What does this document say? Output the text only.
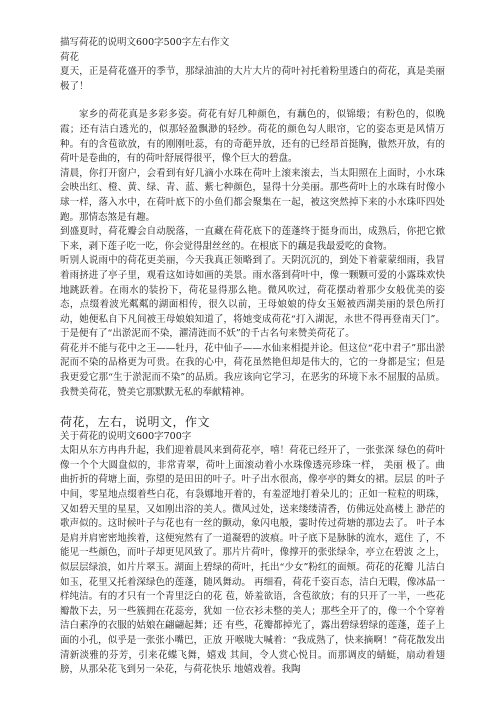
描写荷花的说明文600字500字左右作文

荷花

夏天，正是荷花盛开的季节，那绿油油的大片大片的荷叶衬托着粉里透白的荷花，真是美丽极了！

家乡的荷花真是多彩多姿。荷花有好几种颜色，有藕色的，似锦缎；有粉色的，似晚霞；还有洁白透光的，似那轻盈飘渺的轻纱。荷花的颜色勾人眼帘，它的姿态更是风情万种。有的含苞欲放，有的刚刚吐蕊，有的奇葩异放，还有的已经昂首挺胸，傲然开放，有的荷叶是卷曲的，有的荷叶舒展得很平，像个巨大的碧盘。

清晨，你打开窗户，会看到有好几滴小水珠在荷叶上滚来滚去，当太阳照在上面时，小水珠会映出红、橙、黄、绿、青、蓝、紫七种颜色，显得十分美丽。那些荷叶上的水珠有时像小球一样，落入水中，在荷叶底下的小鱼们都会聚集在一起，被这突然掉下来的小水珠吓四处跑。那情态煞是有趣。

到盛夏时，荷花瓣会自动脱落，一直藏在荷花底下的莲蓬终于挺身而出，成熟后，你把它掀下来，剥下莲子吃一吃，你会觉得甜丝丝的。在根底下的藕是我最爱吃的食物。

听别人说雨中的荷花更美丽，今天我真正领略到了。天阴沉沉的，到处下着蒙蒙细雨，我冒着雨挤进了亭子里，观看这如诗如画的美景。雨水落到荷叶中，像一颗颗可爱的小露珠欢快地跳跃着。在雨水的装扮下，荷花显得那么艳。微风吹过，荷花摆动着那少女般优美的姿态，点缀着波光粼粼的湖面相传，很久以前，王母娘娘的侍女玉姬被西湖美丽的景色所打动，她便私自下凡间被王母娘娘知道了，将她变成荷花“打入湖泥，永世不得再登南天门”。于是便有了“出淤泥而不染，濯清涟而不妖”的千古名句来赞美荷花了。

荷花并不能与花中之王——牡丹，花中仙子——水仙来相提并论。但这位“花中君子”那出淤泥而不染的品格更为可贵。在我的心中，荷花虽然艳但却是伟大的，它的一身都是宝；但是我更爱它那“生于淤泥而不染”的品质。我应该向它学习，在恶劣的环境下永不屈服的品质。我赞美荷花，赞美它那默默无私的奉献精神。

荷花，左右，说明文，作文

关于荷花的说明文600字700字

太阳从东方冉冉升起，我们迎着晨风来到荷花亭，嘻！荷花已经开了，一张张深 绿色的荷叶像一个个大圆盘似的，非常青翠，荷叶上面滚动着小水珠像透亮珍珠一样， 美丽 极了。曲曲折折的荷塘上面，弥望的是田田的叶子。叶子出水很高，像亭亭的舞女的裙。层层 的叶子中间，零星地点缀着些白花，有袅娜地开着的，有羞涩地打着朵儿的；正如一粒粒的明珠，又如碧天里的星星，又如刚出浴的美人。微风过处，送来缕缕清香，仿佛远处高楼上 渺茫的歌声似的。这时候叶子与花也有一丝的颤动，象闪电般，霎时传过荷塘的那边去了。 叶子本是肩并肩密密地挨着，这便宛然有了一道凝碧的波痕。叶子底下是脉脉的流水，遮住 了，不能见一些颜色，而叶子却更见风致了。那片片荷叶，像撑开的张张绿伞，亭立在碧波 之上，似层层绿浪，如片片翠玉。湖面上碧绿的荷叶，托出“少女”粉红的面颊。荷花的花瓣 儿洁白如玉，花里又托着深绿色的莲蓬，随风舞动。 再细看，荷花千姿百态，洁白无暇，像冰晶一样纯洁。有的才只有一个青里泛白的花 苞，娇羞欲语，含苞欲放；有的只开了一半，一些花瓣散下去，另一些簇拥在花蕊旁，犹如 一位衣衫未整的美人；那些全开了的，像一个个穿着洁白素净的衣服的姑娘在翩翩起舞；还 有些，花瓣都掉光了，露出碧绿碧绿的莲蓬，莲子上面的小孔，似乎是一张张小嘴巴，正放 开喉咙大喊着：“我成熟了，快来摘啊！”荷花散发出清新淡雅的芬芳，引来花蝶飞舞，嬉戏 其间，令人赏心悦目。而那调皮的蜻蜓，扇动着翅膀，从那朵花飞到另一朵花，与荷花快乐 地嬉戏着。我陶
